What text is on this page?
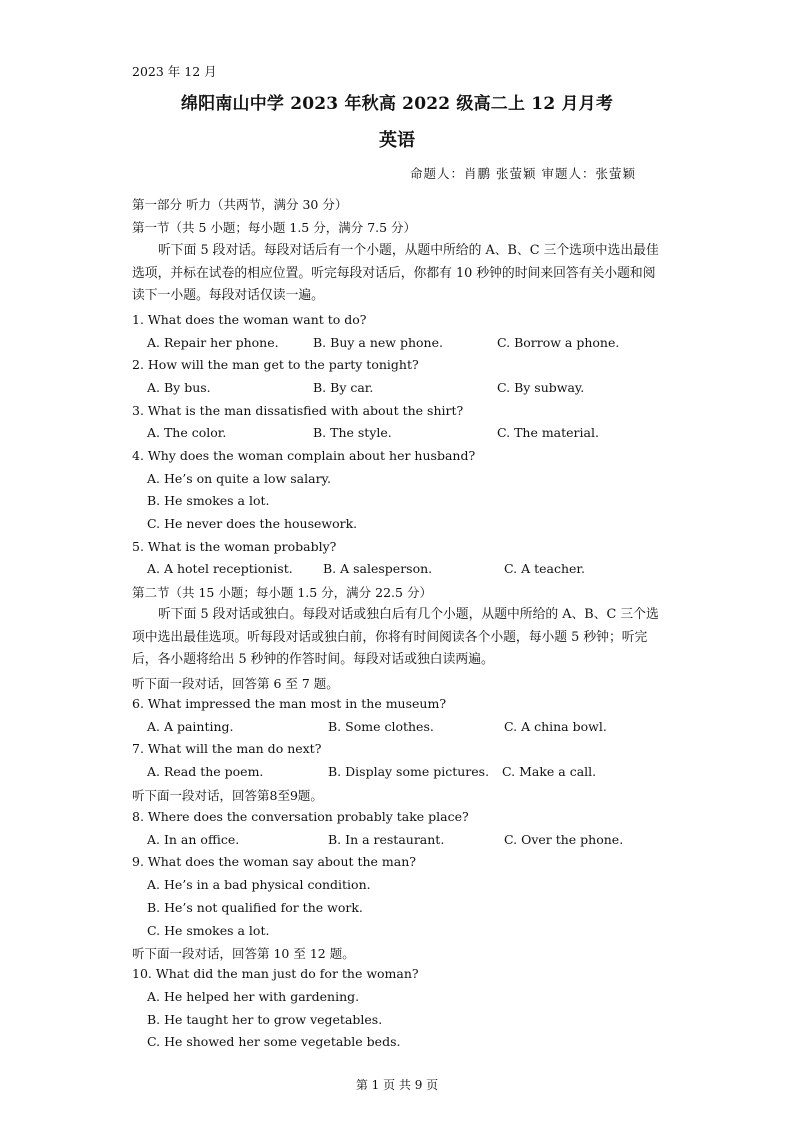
2023 年 12 月
绵阳南山中学 2023 年秋高 2022 级高二上 12 月月考
英语
命题人：肖鹏 张萤颖 审题人：张萤颖
第一部分 听力（共两节，满分 30 分）
第一节（共 5 小题；每小题 1.5 分，满分 7.5 分）
听下面 5 段对话。每段对话后有一个小题，从题中所给的 A、B、C 三个选项中选出最佳选项，并标在试卷的相应位置。听完每段对话后，你都有 10 秒钟的时间来回答有关小题和阅读下一小题。每段对话仅读一遍。
1. What does the woman want to do?
A. Repair her phone.	B. Buy a new phone.	C. Borrow a phone.
2. How will the man get to the party tonight?
A. By bus.	B. By car.	C. By subway.
3. What is the man dissatisfied with about the shirt?
A. The color.	B. The style.	C. The material.
4. Why does the woman complain about her husband?
A. He’s on quite a low salary.
B. He smokes a lot.
C. He never does the housework.
5. What is the woman probably?
A. A hotel receptionist. B. A salesperson.	C. A teacher.
第二节（共 15 小题；每小题 1.5 分，满分 22.5 分）
听下面 5 段对话或独白。每段对话或独白后有几个小题，从题中所给的 A、B、C 三个选项中选出最佳选项。听每段对话或独白前，你将有时间阅读各个小题，每小题 5 秒钟；听完后，各小题将给出 5 秒钟的作答时间。每段对话或独白读两遍。
听下面一段对话，回答第 6 至 7 题。
6. What impressed the man most in the museum?
A. A painting.	B. Some clothes.	C. A china bowl.
7. What will the man do next?
A. Read the poem.	B. Display some pictures. C. Make a call.
听下面一段对话，回答第8至9题。
8. Where does the conversation probably take place?
A. In an office.	B. In a restaurant.	C. Over the phone.
9. What does the woman say about the man?
A. He’s in a bad physical condition.
B. He’s not qualified for the work.
C. He smokes a lot.
听下面一段对话，回答第 10 至 12 题。
10. What did the man just do for the woman?
A. He helped her with gardening.
B. He taught her to grow vegetables.
C. He showed her some vegetable beds.
第 1 页 共 9 页
